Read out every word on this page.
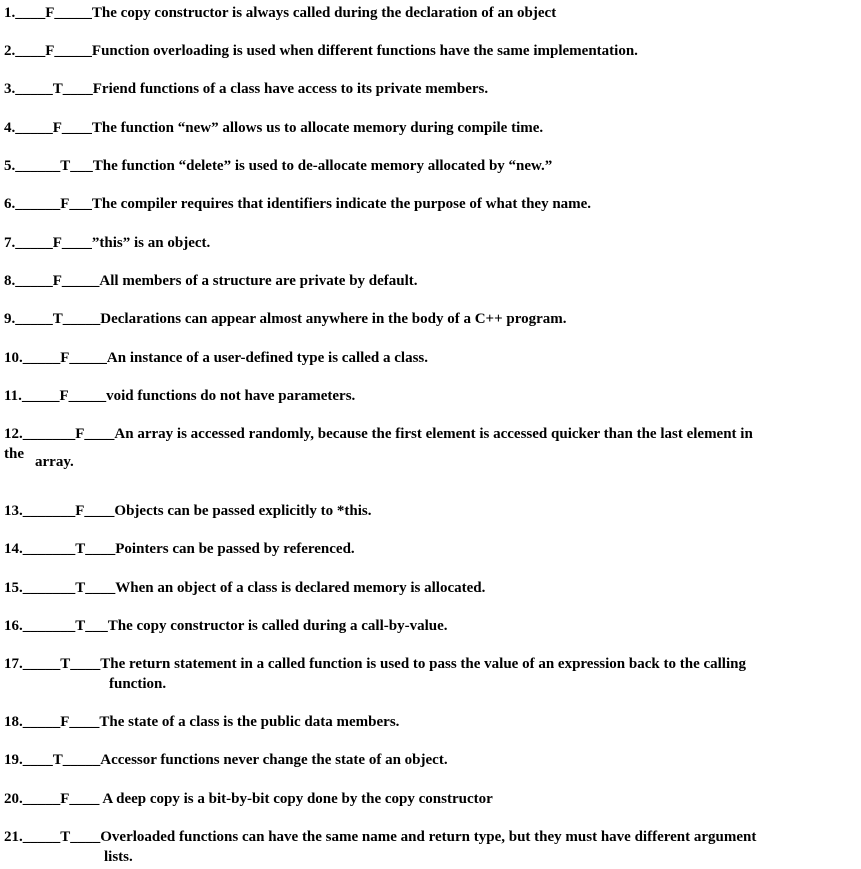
1.____F_____The copy constructor is always called during the declaration of an object
2.____F_____Function overloading is used when different functions have the same implementation.
3._____T____Friend functions of a class have access to its private members.
4._____F____The function “new” allows us to allocate memory during compile time.
5.______T___The function “delete” is used to de-allocate memory allocated by “new.”
6.______F___The compiler requires that identifiers indicate the purpose of what they name.
7._____F____”this” is an object.
8._____F_____All members of a structure are private by default.
9._____T_____Declarations can appear almost anywhere in the body of a C++ program.
10._____F_____An instance of a user-defined type is called a class.
11._____F_____void functions do not have parameters.
12._______F____An array is accessed randomly, because the first element is accessed quicker than the last element in
the array.
13._______F____Objects can be passed explicitly to *this.
14._______T____Pointers can be passed by referenced.
15._______T____When an object of a class is declared memory is allocated.
16._______T___The copy constructor is called during a call-by-value.
17._____T____The return statement in a called function is used to pass the value of an expression back to the calling
function.
18._____F____The state of a class is the public data members.
19.____T_____Accessor functions never change the state of an object.
20._____F____ A deep copy is a bit-by-bit copy done by the copy constructor
21._____T____Overloaded functions can have the same name and return type, but they must have different argument
lists.
